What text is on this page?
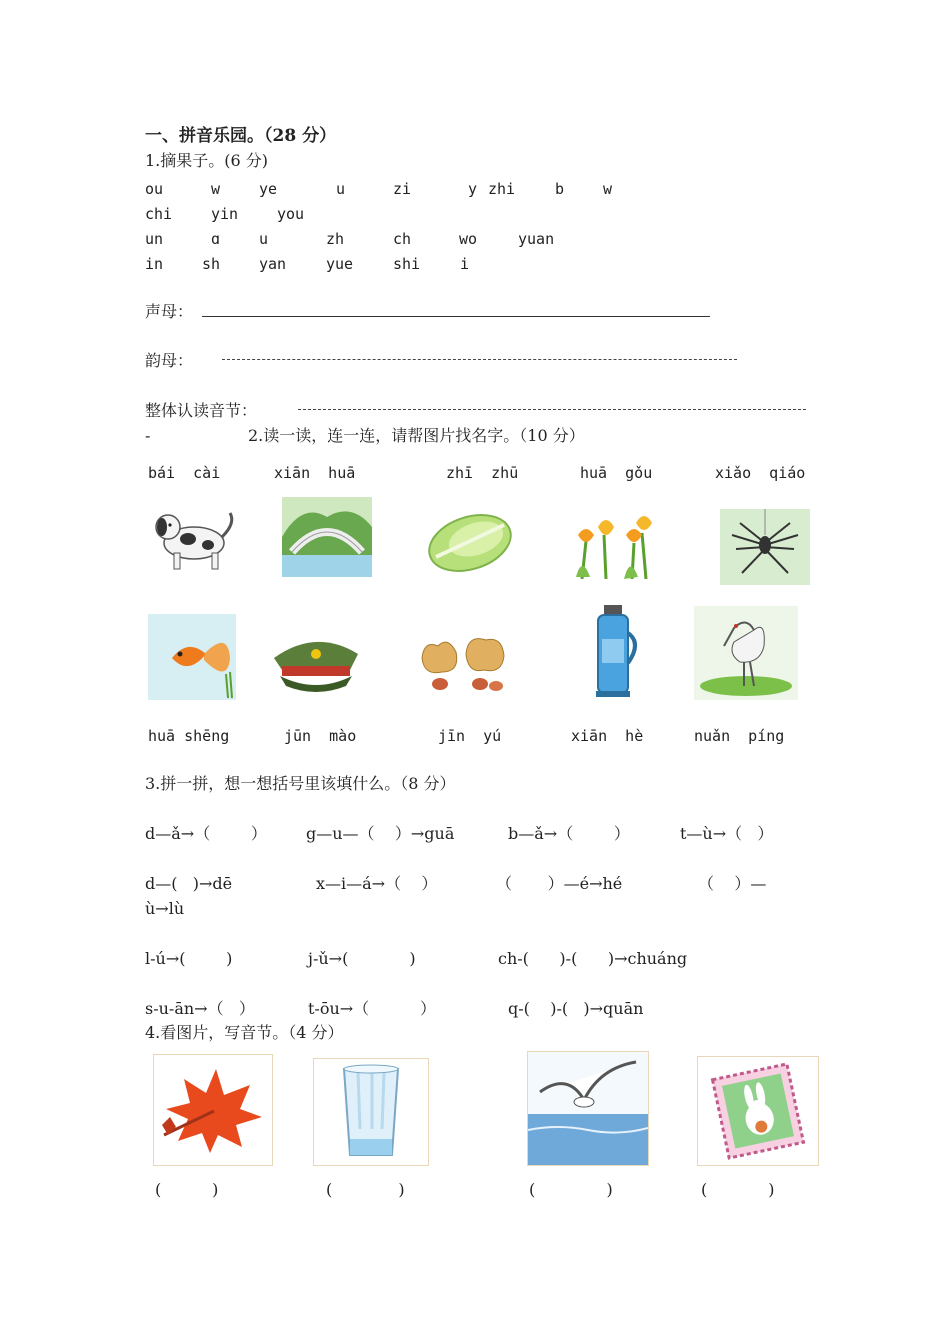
一、拼音乐园。（28 分）
1.摘果子。(6 分)
ou	w	ye	u	zi	y zhi	b	w
chi	yin	you
un	ɑ	u	zh	ch	wo	yuan
in	sh	yan	yue	shi	i
声母：
韵母：
整体认读音节：
-	2.读一读，连一连，请帮图片找名字。（10 分）
bái  cài	xiān  huā	zhī  zhū	huā  gǒu	xiǎo  qiáo
huā shēng	jūn  mào	jīn  yú	xiān  hè	nuǎn  píng
3.拼一拼，想一想括号里该填什么。（8 分）
d—ǎ→（        ） g—u—（    ）→guā	b—ǎ→（        ）	t—ù→（   ）
d—(   )→dē	x—i—á→（    ）	（       ）—é→hé	（    ）—
ù→lù
l-ú→(        )	j-ǔ→(            )	ch-(      )-(      )→chuáng
s-u-ān→（   ）	t-ōu→（          ）	q-(    )-(   )→quān
4.看图片，写音节。（4 分）
(          )	(             )	(              )	(            )
